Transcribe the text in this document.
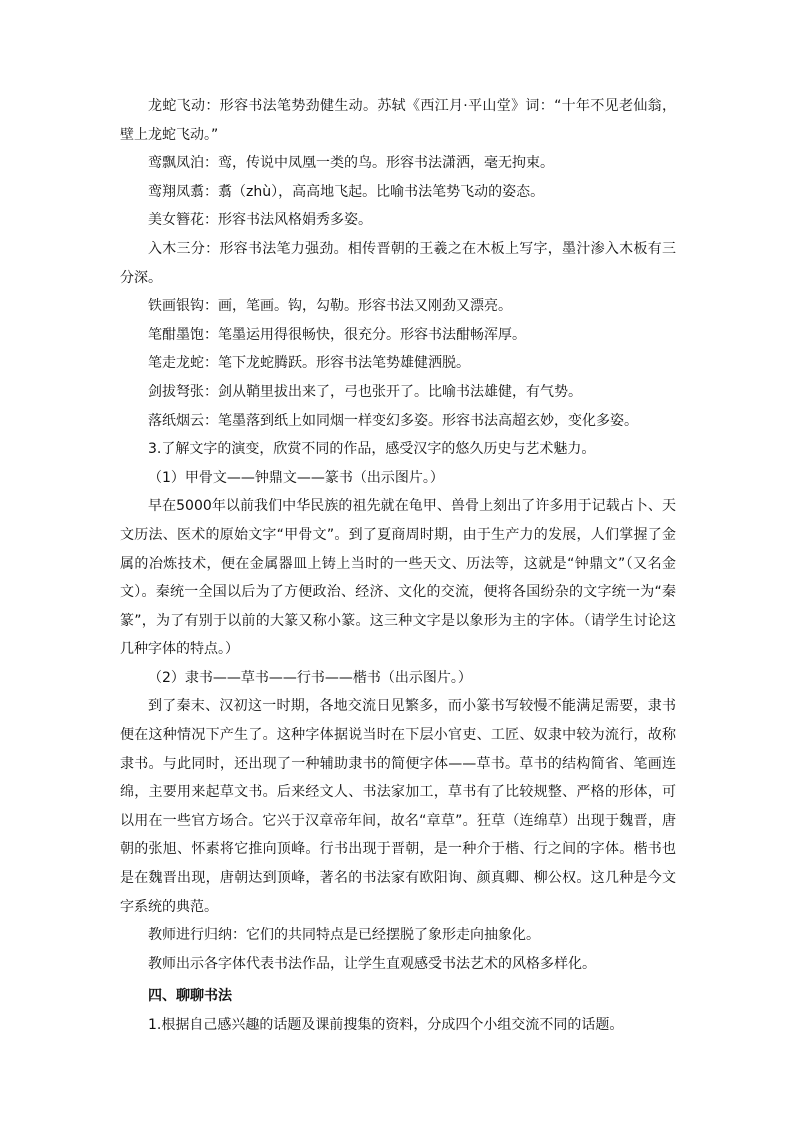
龙蛇飞动：形容书法笔势劲健生动。苏轼《西江月·平山堂》词：“十年不见老仙翁，壁上龙蛇飞动。”

鸾飘凤泊：鸾，传说中凤凰一类的鸟。形容书法潇洒，毫无拘束。

鸾翔凤翥：翥（zhù），高高地飞起。比喻书法笔势飞动的姿态。

美女簪花：形容书法风格娟秀多姿。

入木三分：形容书法笔力强劲。相传晋朝的王羲之在木板上写字，墨汁渗入木板有三分深。

铁画银钩：画，笔画。钩，勾勒。形容书法又刚劲又漂亮。

笔酣墨饱：笔墨运用得很畅快，很充分。形容书法酣畅浑厚。

笔走龙蛇：笔下龙蛇腾跃。形容书法笔势雄健洒脱。

剑拔弩张：剑从鞘里拔出来了，弓也张开了。比喻书法雄健，有气势。

落纸烟云：笔墨落到纸上如同烟一样变幻多姿。形容书法高超玄妙，变化多姿。

3.了解文字的演变，欣赏不同的作品，感受汉字的悠久历史与艺术魅力。

（1）甲骨文——钟鼎文——篆书（出示图片。）

早在5000年以前我们中华民族的祖先就在龟甲、兽骨上刻出了许多用于记载占卜、天文历法、医术的原始文字“甲骨文”。到了夏商周时期，由于生产力的发展，人们掌握了金属的冶炼技术，便在金属器皿上铸上当时的一些天文、历法等，这就是“钟鼎文”（又名金文）。秦统一全国以后为了方便政治、经济、文化的交流，便将各国纷杂的文字统一为“秦篆”，为了有别于以前的大篆又称小篆。这三种文字是以象形为主的字体。（请学生讨论这几种字体的特点。）

（2）隶书——草书——行书——楷书（出示图片。）

到了秦末、汉初这一时期，各地交流日见繁多，而小篆书写较慢不能满足需要，隶书便在这种情况下产生了。这种字体据说当时在下层小官吏、工匠、奴隶中较为流行，故称隶书。与此同时，还出现了一种辅助隶书的简便字体——草书。草书的结构简省、笔画连绵，主要用来起草文书。后来经文人、书法家加工，草书有了比较规整、严格的形体，可以用在一些官方场合。它兴于汉章帝年间，故名“章草”。狂草（连绵草）出现于魏晋，唐朝的张旭、怀素将它推向顶峰。行书出现于晋朝，是一种介于楷、行之间的字体。楷书也是在魏晋出现，唐朝达到顶峰，著名的书法家有欧阳询、颜真卿、柳公权。这几种是今文字系统的典范。

教师进行归纳：它们的共同特点是已经摆脱了象形走向抽象化。

教师出示各字体代表书法作品，让学生直观感受书法艺术的风格多样化。

四、聊聊书法

1.根据自己感兴趣的话题及课前搜集的资料，分成四个小组交流不同的话题。
